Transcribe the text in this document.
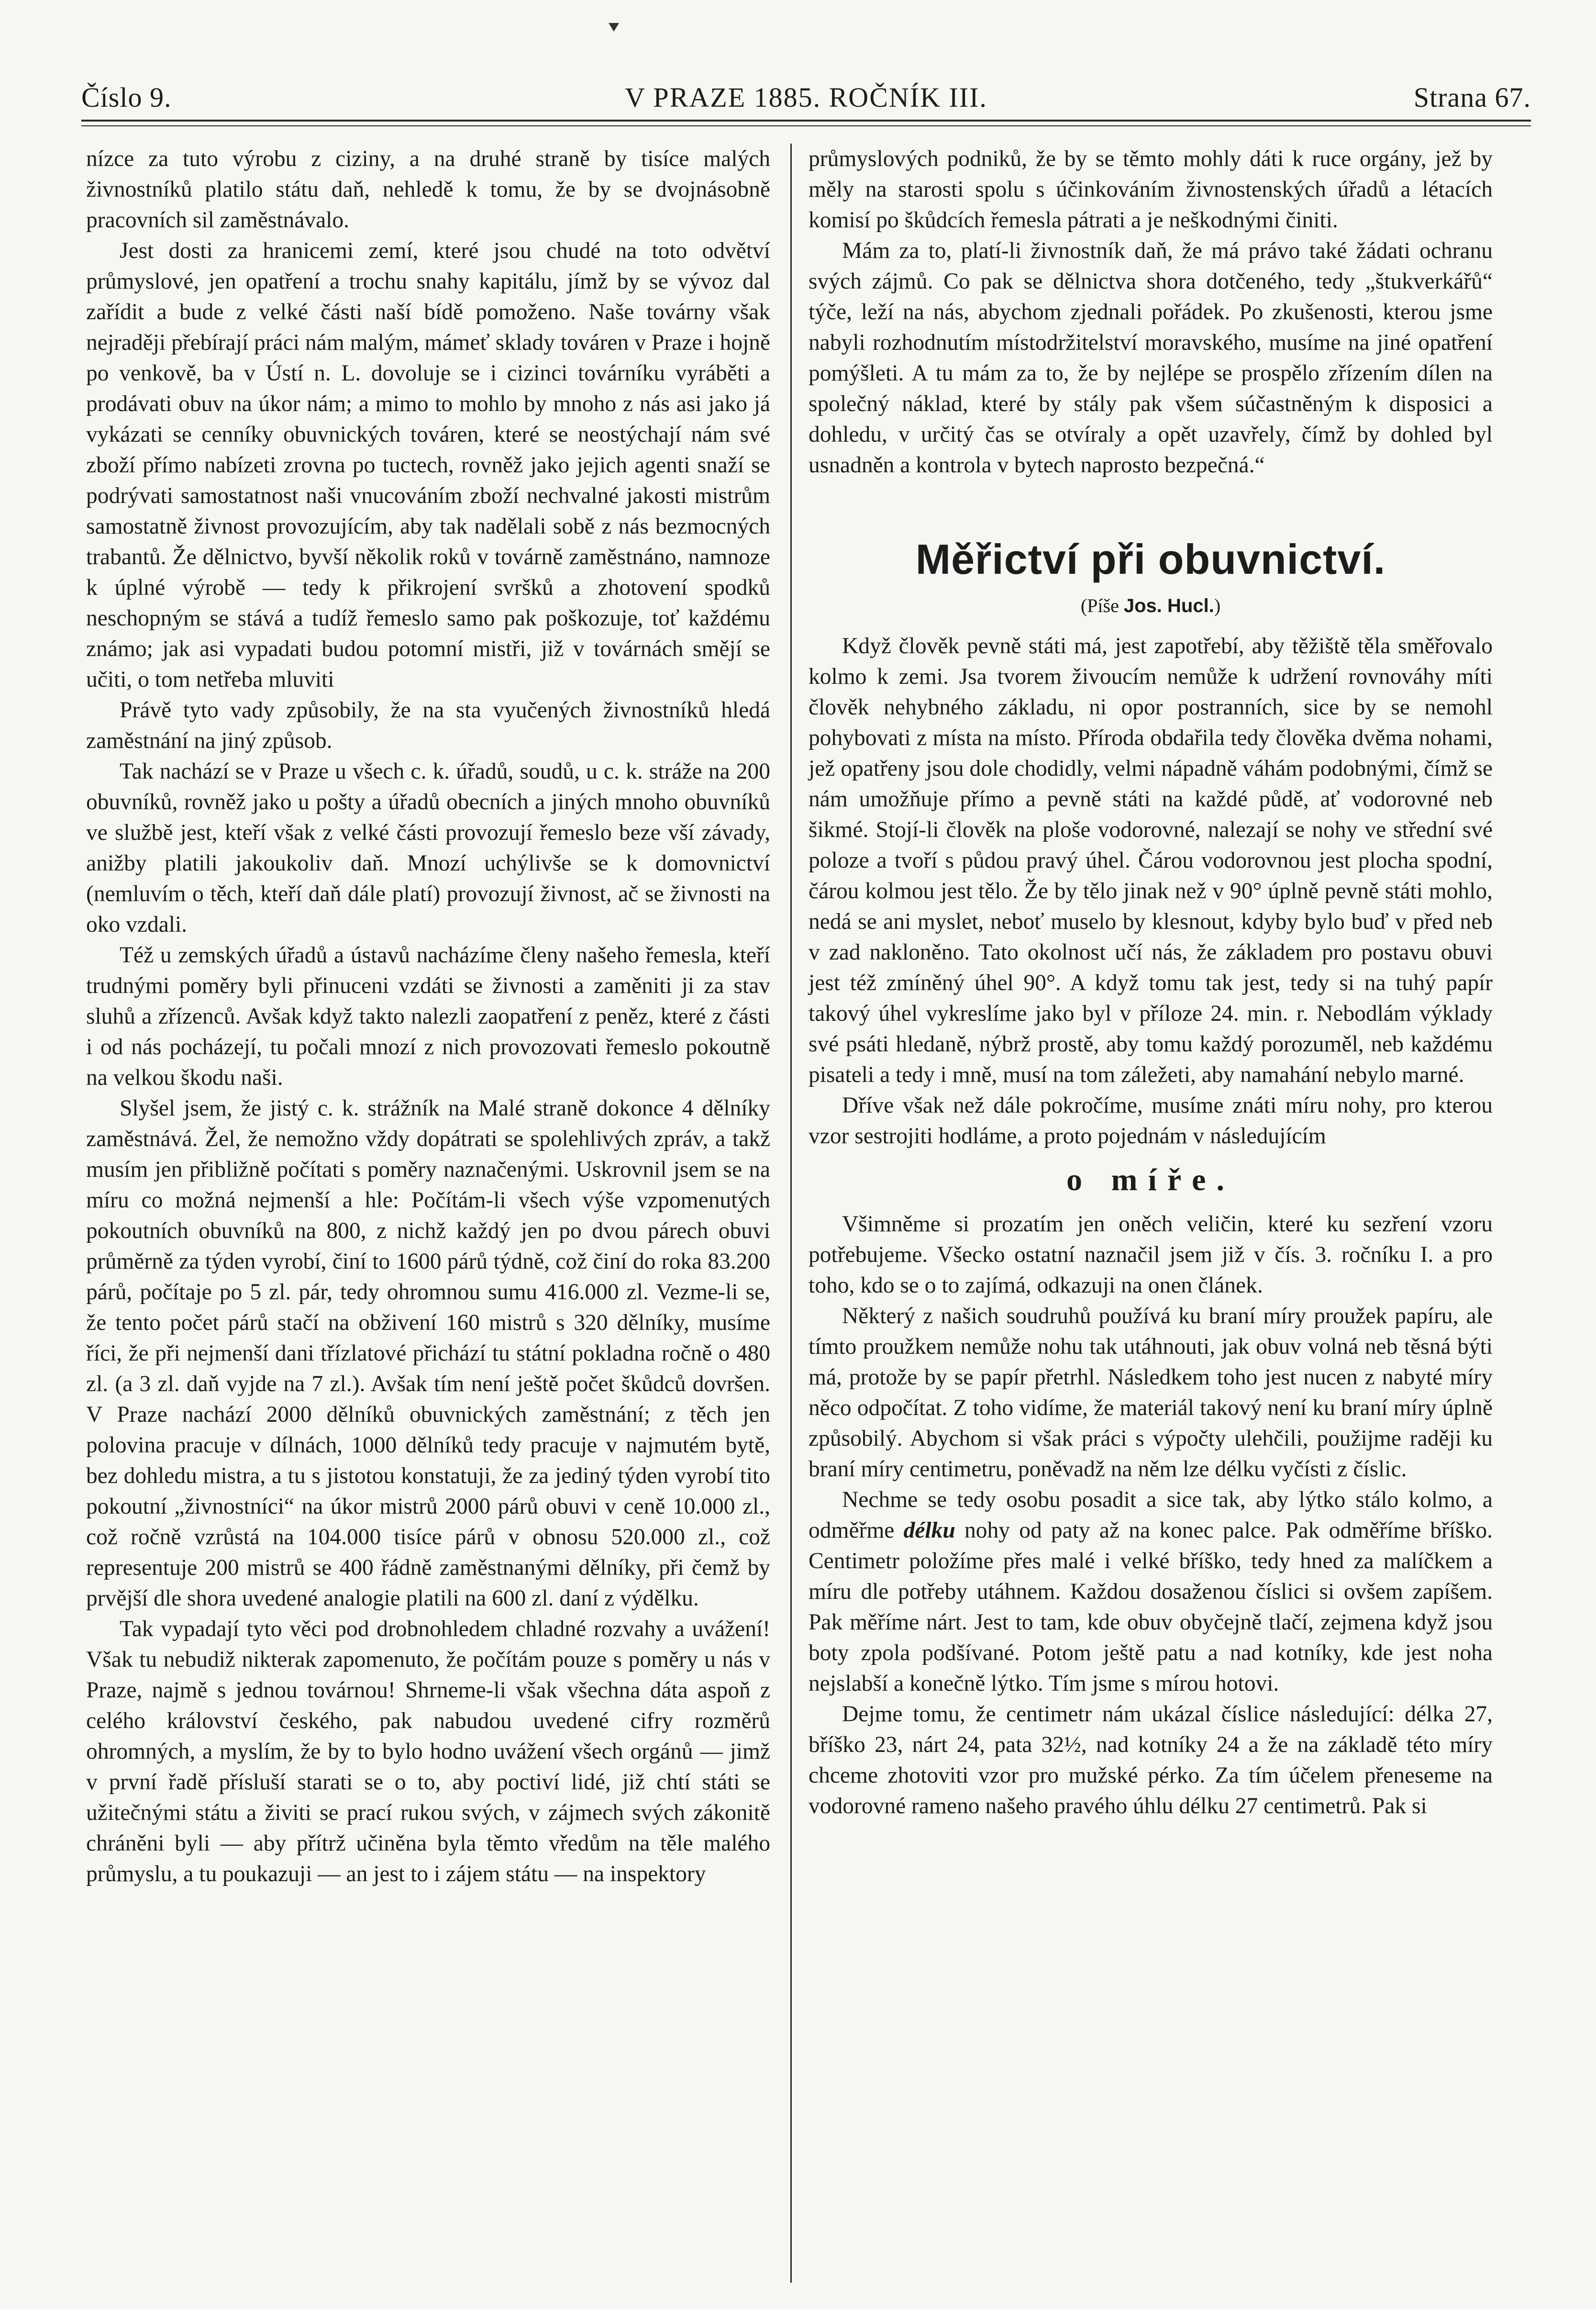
Číslo 9.	V PRAZE 1885. ROČNÍK III.	Strana 67.

nízce za tuto výrobu z ciziny, a na druhé straně by tisíce malých živnostníků platilo státu daň, nehledě k tomu, že by se dvojnásobně pracovních sil zaměstnávalo.

Jest dosti za hranicemi zemí, které jsou chudé na toto odvětví průmyslové, jen opatření a trochu snahy kapitálu, jímž by se vývoz dal zařídit a bude z velké části naší bídě pomoženo. Naše továrny však nejraději přebírají práci nám malým, mámeť sklady továren v Praze i hojně po venkově, ba v Ústí n. L. dovoluje se i cizinci továrníku vyráběti a prodávati obuv na úkor nám; a mimo to mohlo by mnoho z nás asi jako já vykázati se cenníky obuvnických továren, které se neostýchají nám své zboží přímo nabízeti zrovna po tuctech, rovněž jako jejich agenti snaží se podrývati samostatnost naši vnucováním zboží nechvalné jakosti mistrům samostatně živnost provozujícím, aby tak nadělali sobě z nás bezmocných trabantů. Že dělnictvo, byvší několik roků v továrně zaměstnáno, namnoze k úplné výrobě — tedy k přikrojení svršků a zhotovení spodků neschopným se stává a tudíž řemeslo samo pak poškozuje, toť každému známo; jak asi vypadati budou potomní mistři, již v továrnách smějí se učiti, o tom netřeba mluviti

Právě tyto vady způsobily, že na sta vyučených živnostníků hledá zaměstnání na jiný způsob.

Tak nachází se v Praze u všech c. k. úřadů, soudů, u c. k. stráže na 200 obuvníků, rovněž jako u pošty a úřadů obecních a jiných mnoho obuvníků ve službě jest, kteří však z velké části provozují řemeslo beze vší závady, anižby platili jakoukoliv daň. Mnozí uchýlivše se k domovnictví (nemluvím o těch, kteří daň dále platí) provozují živnost, ač se živnosti na oko vzdali.

Též u zemských úřadů a ústavů nacházíme členy našeho řemesla, kteří trudnými poměry byli přinuceni vzdáti se živnosti a zaměniti ji za stav sluhů a zřízenců. Avšak když takto nalezli zaopatření z peněz, které z části i od nás pocházejí, tu počali mnozí z nich provozovati řemeslo pokoutně na velkou škodu naši.

Slyšel jsem, že jistý c. k. strážník na Malé straně dokonce 4 dělníky zaměstnává. Žel, že nemožno vždy dopátrati se spolehlivých zpráv, a takž musím jen přibližně počítati s poměry naznačenými. Uskrovnil jsem se na míru co možná nejmenší a hle: Počítám-li všech výše vzpomenutých pokoutních obuvníků na 800, z nichž každý jen po dvou párech obuvi průměrně za týden vyrobí, činí to 1600 párů týdně, což činí do roka 83.200 párů, počítaje po 5 zl. pár, tedy ohromnou sumu 416.000 zl. Vezme-li se, že tento počet párů stačí na obživení 160 mistrů s 320 dělníky, musíme říci, že při nejmenší dani třízlatové přichází tu státní pokladna ročně o 480 zl. (a 3 zl. daň vyjde na 7 zl.). Avšak tím není ještě počet škůdců dovršen. V Praze nachází 2000 dělníků obuvnických zaměstnání; z těch jen polovina pracuje v dílnách, 1000 dělníků tedy pracuje v najmutém bytě, bez dohledu mistra, a tu s jistotou konstatuji, že za jediný týden vyrobí tito pokoutní „živnostníci“ na úkor mistrů 2000 párů obuvi v ceně 10.000 zl., což ročně vzrůstá na 104.000 tisíce párů v obnosu 520.000 zl., což representuje 200 mistrů se 400 řádně zaměstnanými dělníky, při čemž by prvější dle shora uvedené analogie platili na 600 zl. daní z výdělku.

Tak vypadají tyto věci pod drobnohledem chladné rozvahy a uvážení! Však tu nebudiž nikterak zapomenuto, že počítám pouze s poměry u nás v Praze, najmě s jednou továrnou! Shrneme-li však všechna dáta aspoň z celého království českého, pak nabudou uvedené cifry rozměrů ohromných, a myslím, že by to bylo hodno uvážení všech orgánů — jimž v první řadě přísluší starati se o to, aby poctiví lidé, již chtí státi se užitečnými státu a živiti se prací rukou svých, v zájmech svých zákonitě chráněni byli — aby přítrž učiněna byla těmto vředům na těle malého průmyslu, a tu poukazuji — an jest to i zájem státu — na inspektory

průmyslových podniků, že by se těmto mohly dáti k ruce orgány, jež by měly na starosti spolu s účinkováním živnostenských úřadů a létacích komisí po škůdcích řemesla pátrati a je neškodnými činiti.

Mám za to, platí-li živnostník daň, že má právo také žádati ochranu svých zájmů. Co pak se dělnictva shora dotčeného, tedy „štukverkářů“ týče, leží na nás, abychom zjednali pořádek. Po zkušenosti, kterou jsme nabyli rozhodnutím místodržitelství moravského, musíme na jiné opatření pomýšleti. A tu mám za to, že by nejlépe se prospělo zřízením dílen na společný náklad, které by stály pak všem súčastněným k disposici a dohledu, v určitý čas se otvíraly a opět uzavřely, čímž by dohled byl usnadněn a kontrola v bytech naprosto bezpečná.“

Měřictví při obuvnictví.
(Píše Jos. Hucl.)

Když člověk pevně státi má, jest zapotřebí, aby těžiště těla směřovalo kolmo k zemi. Jsa tvorem živoucím nemůže k udržení rovnováhy míti člověk nehybného základu, ni opor postranních, sice by se nemohl pohybovati z místa na místo. Příroda obdařila tedy člověka dvěma nohami, jež opatřeny jsou dole chodidly, velmi nápadně váhám podobnými, čímž se nám umožňuje přímo a pevně státi na každé půdě, ať vodorovné neb šikmé. Stojí-li člověk na ploše vodorovné, nalezají se nohy ve střední své poloze a tvoří s půdou pravý úhel. Čárou vodorovnou jest plocha spodní, čárou kolmou jest tělo. Že by tělo jinak než v 90° úplně pevně státi mohlo, nedá se ani myslet, neboť muselo by klesnout, kdyby bylo buď v před neb v zad nakloněno. Tato okolnost učí nás, že základem pro postavu obuvi jest též zmíněný úhel 90°. A když tomu tak jest, tedy si na tuhý papír takový úhel vykreslíme jako byl v příloze 24. min. r. Nebodlám výklady své psáti hledaně, nýbrž prostě, aby tomu každý porozuměl, neb každému pisateli a tedy i mně, musí na tom záležeti, aby namahání nebylo marné.

Dříve však než dále pokročíme, musíme znáti míru nohy, pro kterou vzor sestrojiti hodláme, a proto pojednám v následujícím

o míře.

Všimněme si prozatím jen oněch veličin, které ku sezření vzoru potřebujeme. Všecko ostatní naznačil jsem již v čís. 3. ročníku I. a pro toho, kdo se o to zajímá, odkazuji na onen článek.

Některý z našich soudruhů používá ku braní míry proužek papíru, ale tímto proužkem nemůže nohu tak utáhnouti, jak obuv volná neb těsná býti má, protože by se papír přetrhl. Následkem toho jest nucen z nabyté míry něco odpočítat. Z toho vidíme, že materiál takový není ku braní míry úplně způsobilý. Abychom si však práci s výpočty ulehčili, použijme raději ku braní míry centimetru, poněvadž na něm lze délku vyčísti z číslic.

Nechme se tedy osobu posadit a sice tak, aby lýtko stálo kolmo, a odměřme délku nohy od paty až na konec palce. Pak odměříme bříško. Centimetr položíme přes malé i velké bříško, tedy hned za malíčkem a míru dle potřeby utáhnem. Každou dosaženou číslici si ovšem zapíšem. Pak měříme nárt. Jest to tam, kde obuv obyčejně tlačí, zejmena když jsou boty zpola podšívané. Potom ještě patu a nad kotníky, kde jest noha nejslabší a konečně lýtko. Tím jsme s mírou hotovi.

Dejme tomu, že centimetr nám ukázal číslice následující: délka 27, bříško 23, nárt 24, pata 32½, nad kotníky 24 a že na základě této míry chceme zhotoviti vzor pro mužské pérko. Za tím účelem přeneseme na vodorovné rameno našeho pravého úhlu délku 27 centimetrů. Pak si
